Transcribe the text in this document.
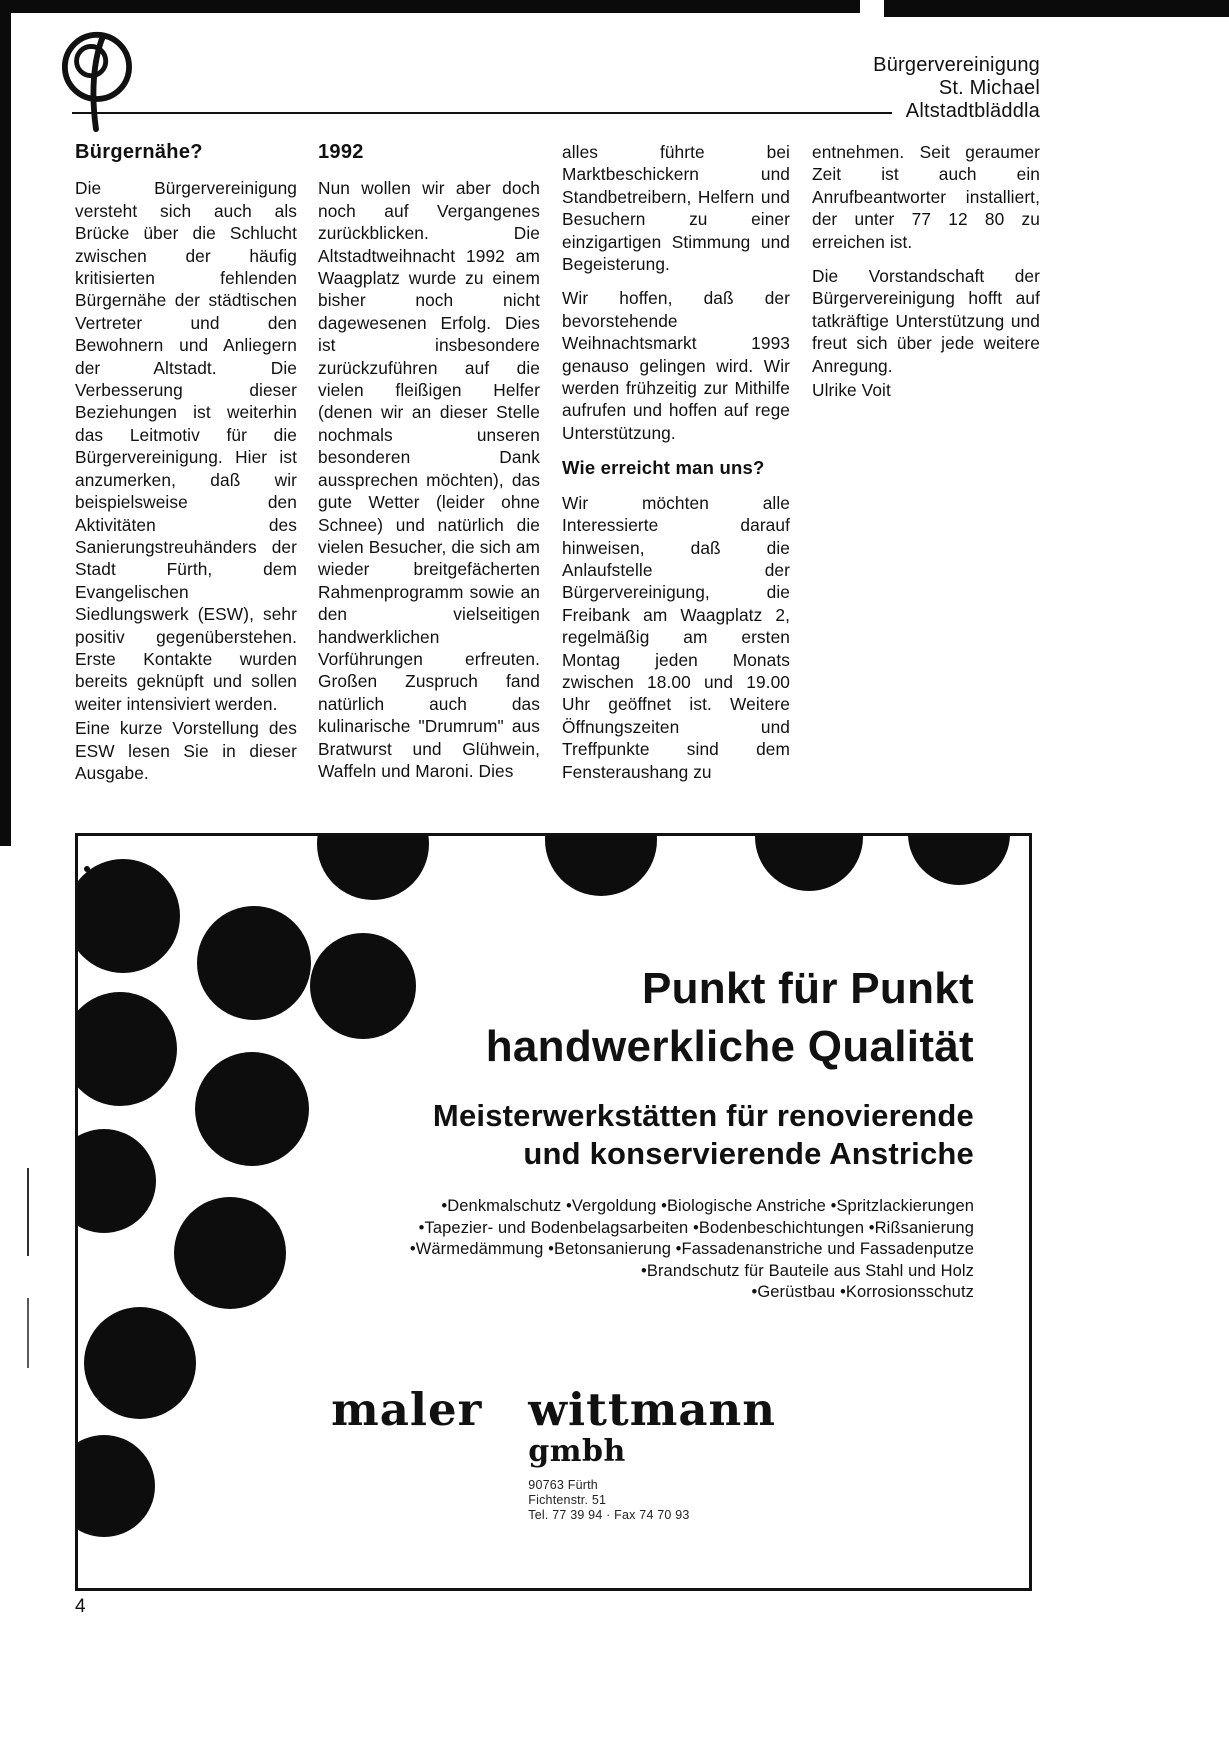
Bürgervereinigung
St. Michael
Altstadtbläddla
Bürgernähe?

Die Bürgervereinigung versteht sich auch als Brücke über die Schlucht zwischen der häufig kritisierten fehlenden Bürgernähe der städtischen Vertreter und den Bewohnern und Anliegern der Altstadt. Die Verbesserung dieser Beziehungen ist weiterhin das Leitmotiv für die Bürgervereinigung. Hier ist anzumerken, daß wir beispielsweise den Aktivitäten des Sanierungstreuhänders der Stadt Fürth, dem Evangelischen Siedlungswerk (ESW), sehr positiv gegenüberstehen. Erste Kontakte wurden bereits geknüpft und sollen weiter intensiviert werden.

Eine kurze Vorstellung des ESW lesen Sie in dieser Ausgabe.

1992

Nun wollen wir aber doch noch auf Vergangenes zurückblicken. Die Altstadtweihnacht 1992 am Waagplatz wurde zu einem bisher noch nicht dagewesenen Erfolg. Dies ist insbesondere zurückzuführen auf die vielen fleißigen Helfer (denen wir an dieser Stelle nochmals unseren besonderen Dank aussprechen möchten), das gute Wetter (leider ohne Schnee) und natürlich die vielen Besucher, die sich am wieder breitgefächerten Rahmenprogramm sowie an den vielseitigen handwerklichen Vorführungen erfreuten. Großen Zuspruch fand natürlich auch das kulinarische "Drumrum" aus Bratwurst und Glühwein, Waffeln und Maroni. Dies

alles führte bei Marktbeschickern und Standbetreibern, Helfern und Besuchern zu einer einzigartigen Stimmung und Begeisterung.

Wir hoffen, daß der bevorstehende Weihnachtsmarkt 1993 genauso gelingen wird. Wir werden frühzeitig zur Mithilfe aufrufen und hoffen auf rege Unterstützung.

Wie erreicht man uns?

Wir möchten alle Interessierte darauf hinweisen, daß die Anlaufstelle der Bürgervereinigung, die Freibank am Waagplatz 2, regelmäßig am ersten Montag jeden Monats zwischen 18.00 und 19.00 Uhr geöffnet ist. Weitere Öffnungszeiten und Treffpunkte sind dem Fensteraushang zu

entnehmen. Seit geraumer Zeit ist auch ein Anrufbeantworter installiert, der unter 77 12 80 zu erreichen ist.

Die Vorstandschaft der Bürgervereinigung hofft auf tatkräftige Unterstützung und freut sich über jede weitere Anregung.

Ulrike Voit

Punkt für Punkt
handwerkliche Qualität
Meisterwerkstätten für renovierende
und konservierende Anstriche
•Denkmalschutz •Vergoldung •Biologische Anstriche •Spritzlackierungen
•Tapezier- und Bodenbelagsarbeiten •Bodenbeschichtungen •Rißsanierung
•Wärmedämmung •Betonsanierung •Fassadenanstriche und Fassadenputze
•Brandschutz für Bauteile aus Stahl und Holz
•Gerüstbau •Korrosionsschutz
maler wittmann
gmbh
90763 Fürth
Fichtenstr. 51
Tel. 77 39 94 · Fax 74 70 93
4
